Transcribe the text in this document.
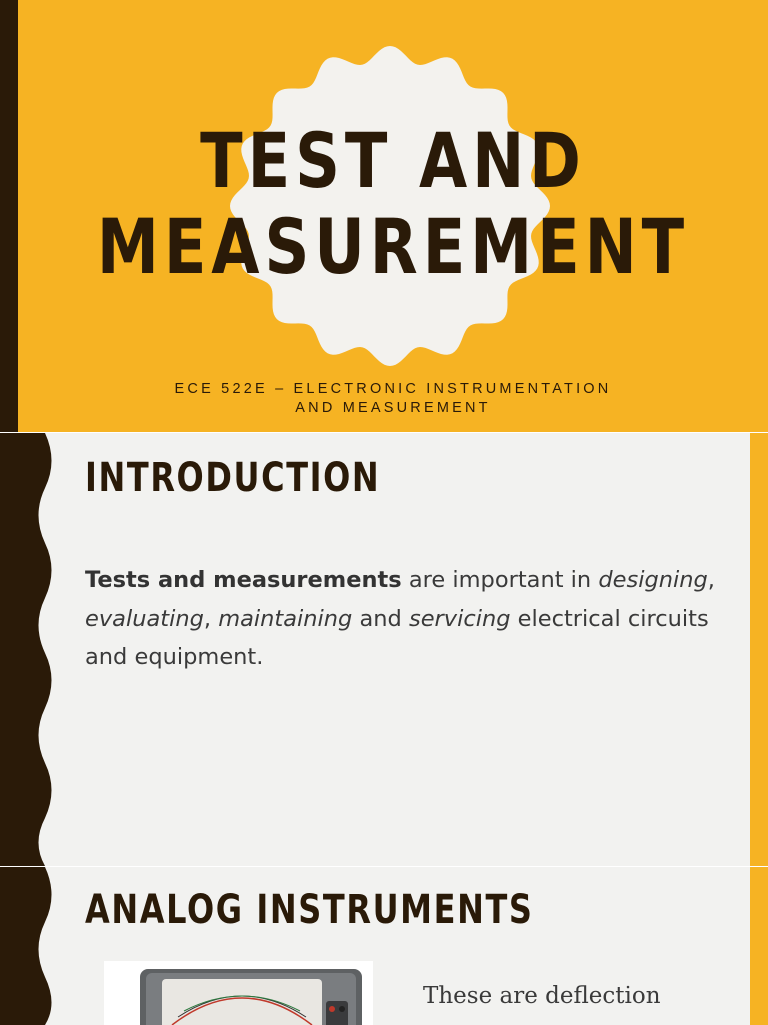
TEST AND
MEASUREMENT
ECE 522E – ELECTRONIC INSTRUMENTATION
AND MEASUREMENT
INTRODUCTION
Tests and measurements are important in designing, evaluating, maintaining and servicing electrical circuits and equipment.
ANALOG INSTRUMENTS
These are deflection
